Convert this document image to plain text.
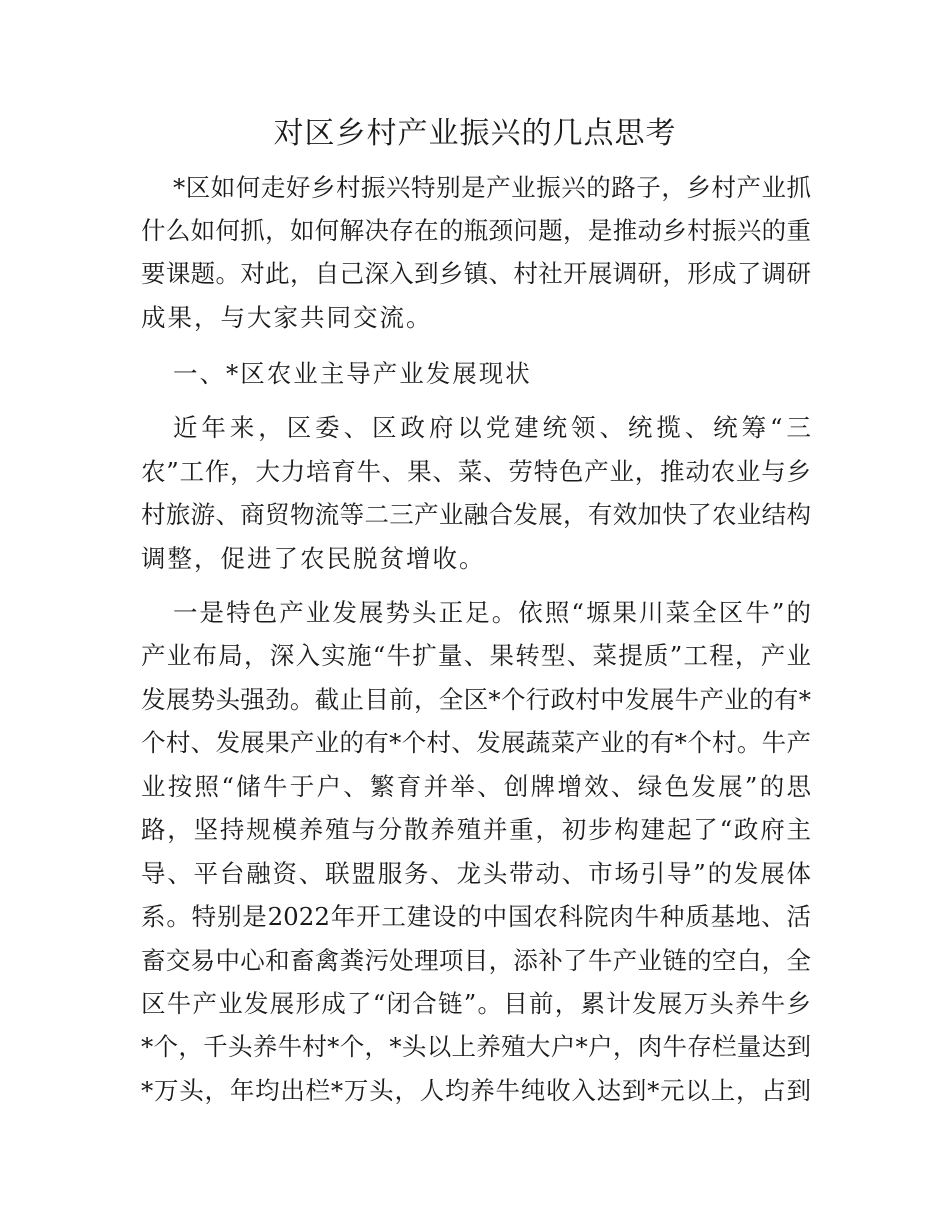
对区乡村产业振兴的几点思考
*区如何走好乡村振兴特别是产业振兴的路子，乡村产业抓
什么如何抓，如何解决存在的瓶颈问题，是推动乡村振兴的重
要课题。对此，自己深入到乡镇、村社开展调研，形成了调研
成果，与大家共同交流。
一、*区农业主导产业发展现状
近年来，区委、区政府以党建统领、统揽、统筹“三
农”工作，大力培育牛、果、菜、劳特色产业，推动农业与乡
村旅游、商贸物流等二三产业融合发展，有效加快了农业结构
调整，促进了农民脱贫增收。
一是特色产业发展势头正足。依照“塬果川菜全区牛”的
产业布局，深入实施“牛扩量、果转型、菜提质”工程，产业
发展势头强劲。截止目前，全区*个行政村中发展牛产业的有*
个村、发展果产业的有*个村、发展蔬菜产业的有*个村。牛产
业按照“储牛于户、繁育并举、创牌增效、绿色发展”的思
路，坚持规模养殖与分散养殖并重，初步构建起了“政府主
导、平台融资、联盟服务、龙头带动、市场引导”的发展体
系。特别是2022年开工建设的中国农科院肉牛种质基地、活
畜交易中心和畜禽粪污处理项目，添补了牛产业链的空白，全
区牛产业发展形成了“闭合链”。目前，累计发展万头养牛乡
*个，千头养牛村*个，*头以上养殖大户*户，肉牛存栏量达到
*万头，年均出栏*万头，人均养牛纯收入达到*元以上，占到
